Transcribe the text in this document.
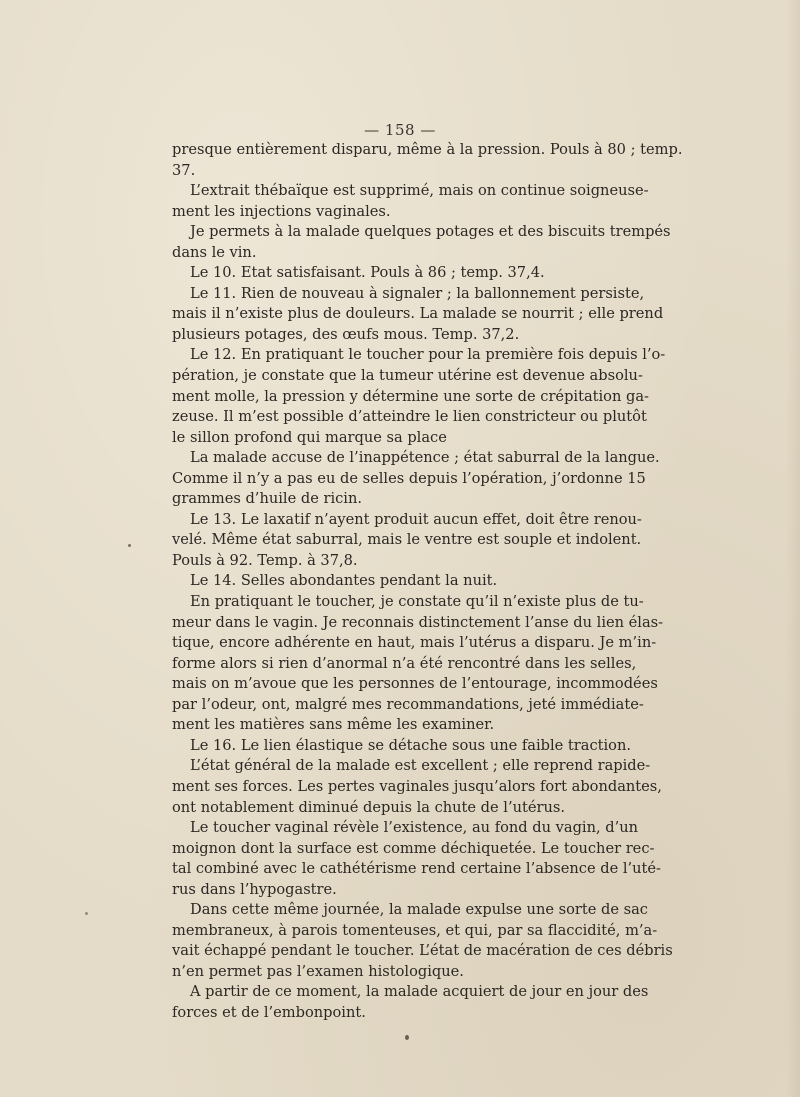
— 158 —
presque entièrement disparu, même à la pression. Pouls à 80 ; temp.
37.
L’extrait thébaïque est supprimé, mais on continue soigneuse-
ment les injections vaginales.
Je permets à la malade quelques potages et des biscuits trempés
dans le vin.
Le 10. Etat satisfaisant. Pouls à 86 ; temp. 37,4.
Le 11. Rien de nouveau à signaler ; la ballonnement persiste,
mais il n’existe plus de douleurs. La malade se nourrit ; elle prend
plusieurs potages, des œufs mous. Temp. 37,2.
Le 12. En pratiquant le toucher pour la première fois depuis l’o-
pération, je constate que la tumeur utérine est devenue absolu-
ment molle, la pression y détermine une sorte de crépitation ga-
zeuse. Il m’est possible d’atteindre le lien constricteur ou plutôt
le sillon profond qui marque sa place
La malade accuse de l’inappétence ; état saburral de la langue.
Comme il n’y a pas eu de selles depuis l’opération, j’ordonne 15
grammes d’huile de ricin.
Le 13. Le laxatif n’ayent produit aucun effet, doit être renou-
velé. Même état saburral, mais le ventre est souple et indolent.
Pouls à 92. Temp. à 37,8.
Le 14. Selles abondantes pendant la nuit.
En pratiquant le toucher, je constate qu’il n’existe plus de tu-
meur dans le vagin. Je reconnais distinctement l’anse du lien élas-
tique, encore adhérente en haut, mais l’utérus a disparu. Je m’in-
forme alors si rien d’anormal n’a été rencontré dans les selles,
mais on m’avoue que les personnes de l’entourage, incommodées
par l’odeur, ont, malgré mes recommandations, jeté immédiate-
ment les matières sans même les examiner.
Le 16. Le lien élastique se détache sous une faible traction.
L’état général de la malade est excellent ; elle reprend rapide-
ment ses forces. Les pertes vaginales jusqu’alors fort abondantes,
ont notablement diminué depuis la chute de l’utérus.
Le toucher vaginal révèle l’existence, au fond du vagin, d’un
moignon dont la surface est comme déchiquetée. Le toucher rec-
tal combiné avec le cathétérisme rend certaine l’absence de l’uté-
rus dans l’hypogastre.
Dans cette même journée, la malade expulse une sorte de sac
membraneux, à parois tomenteuses, et qui, par sa flaccidité, m’a-
vait échappé pendant le toucher. L’état de macération de ces débris
n’en permet pas l’examen histologique.
A partir de ce moment, la malade acquiert de jour en jour des
forces et de l’embonpoint.
